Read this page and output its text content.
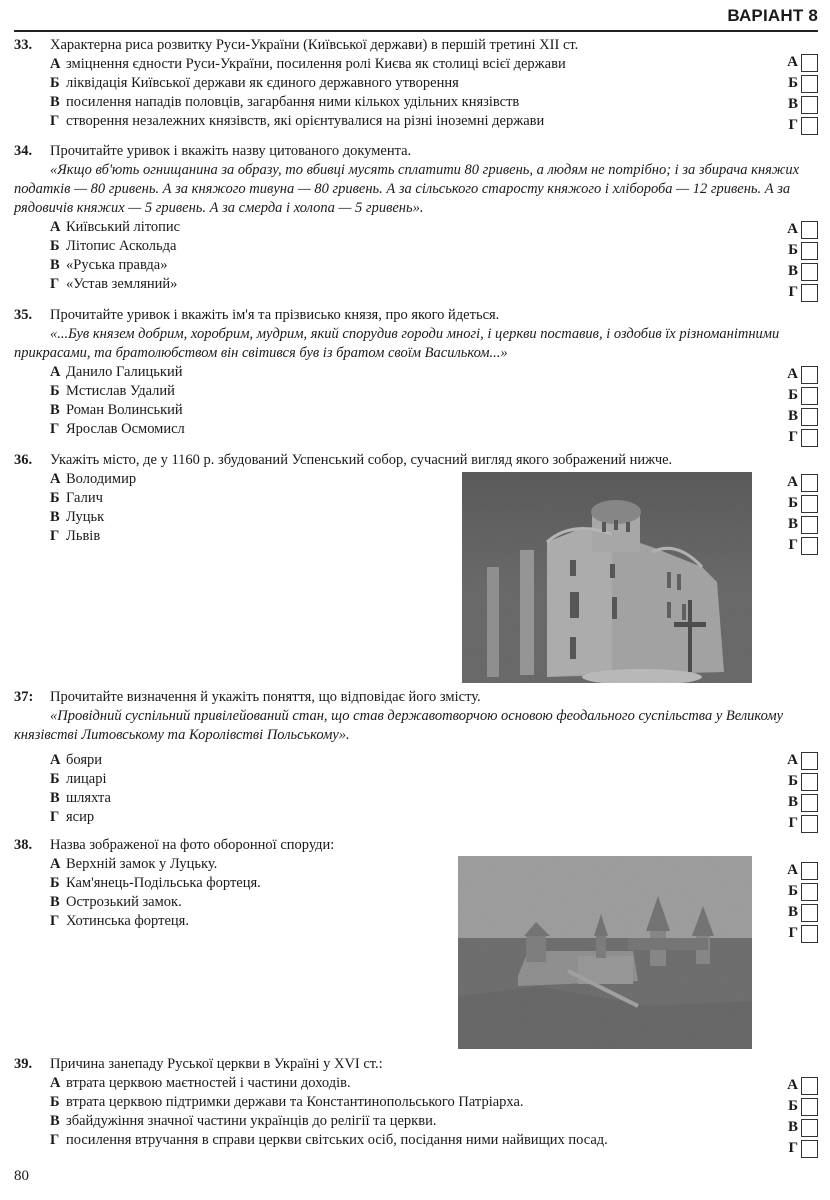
ВАРІАНТ 8
33.	Характерна риса розвитку Руси-України (Київської держави) в першій третині XII ст.
А зміцнення єдности Руси-України, посилення ролі Києва як столиці всієї держави
Б ліквідація Київської держави як єдиного державного утворення
В посилення нападів половців, загарбання ними кількох удільних князівств
Г створення незалежних князівств, які орієнтувалися на різні іноземні держави
А
Б
В
Г
34.	Прочитайте уривок і вкажіть назву цитованого документа.
«Якщо вб'ють огнищанина за образу, то вбивці мусять сплатити 80 гривень, а людям не потрібно; і за збирача княжих податків — 80 гривень. А за княжого тивуна — 80 гривень. А за сільського старосту княжого і хлібороба — 12 гривень. А за рядовичів княжих — 5 гривень. А за смерда і холопа — 5 гривень».
А Київський літопис
Б Літопис Аскольда
В «Руська правда»
Г «Устав земляний»
А
Б
В
Г
35.	Прочитайте уривок і вкажіть ім'я та прізвисько князя, про якого йдеться.
«...Був князем добрим, хоробрим, мудрим, який спорудив городи многі, і церкви поставив, і оздобив їх різноманітними прикрасами, та братолюбством він світився був із братом своїм Васильком...»
А Данило Галицький
Б Мстислав Удалий
В Роман Волинський
Г Ярослав Осмомисл
А
Б
В
Г
36.	Укажіть місто, де у 1160 р. збудований Успенський собор, сучасний вигляд якого зображений нижче.
А Володимир
Б Галич
В Луцьк
Г Львів
А
Б
В
Г
37:	Прочитайте визначення й укажіть поняття, що відповідає його змісту.
«Провідний суспільний привілейований стан, що став державотворчою основою феодального суспільства у Великому князівстві Литовському та Королівстві Польському».
А бояри
Б лицарі
В шляхта
Г ясир
А
Б
В
Г
38.	Назва зображеної на фото оборонної споруди:
А Верхній замок у Луцьку.
Б Кам'янець-Подільська фортеця.
В Острозький замок.
Г Хотинська фортеця.
А
Б
В
Г
39.	Причина занепаду Руської церкви в Україні у XVI ст.:
А втрата церквою маєтностей і частини доходів.
Б втрата церквою підтримки держави та Константинопольського Патріарха.
В збайдужіння значної частини українців до релігії та церкви.
Г посилення втручання в справи церкви світських осіб, посідання ними найвищих посад.
А
Б
В
Г
80
